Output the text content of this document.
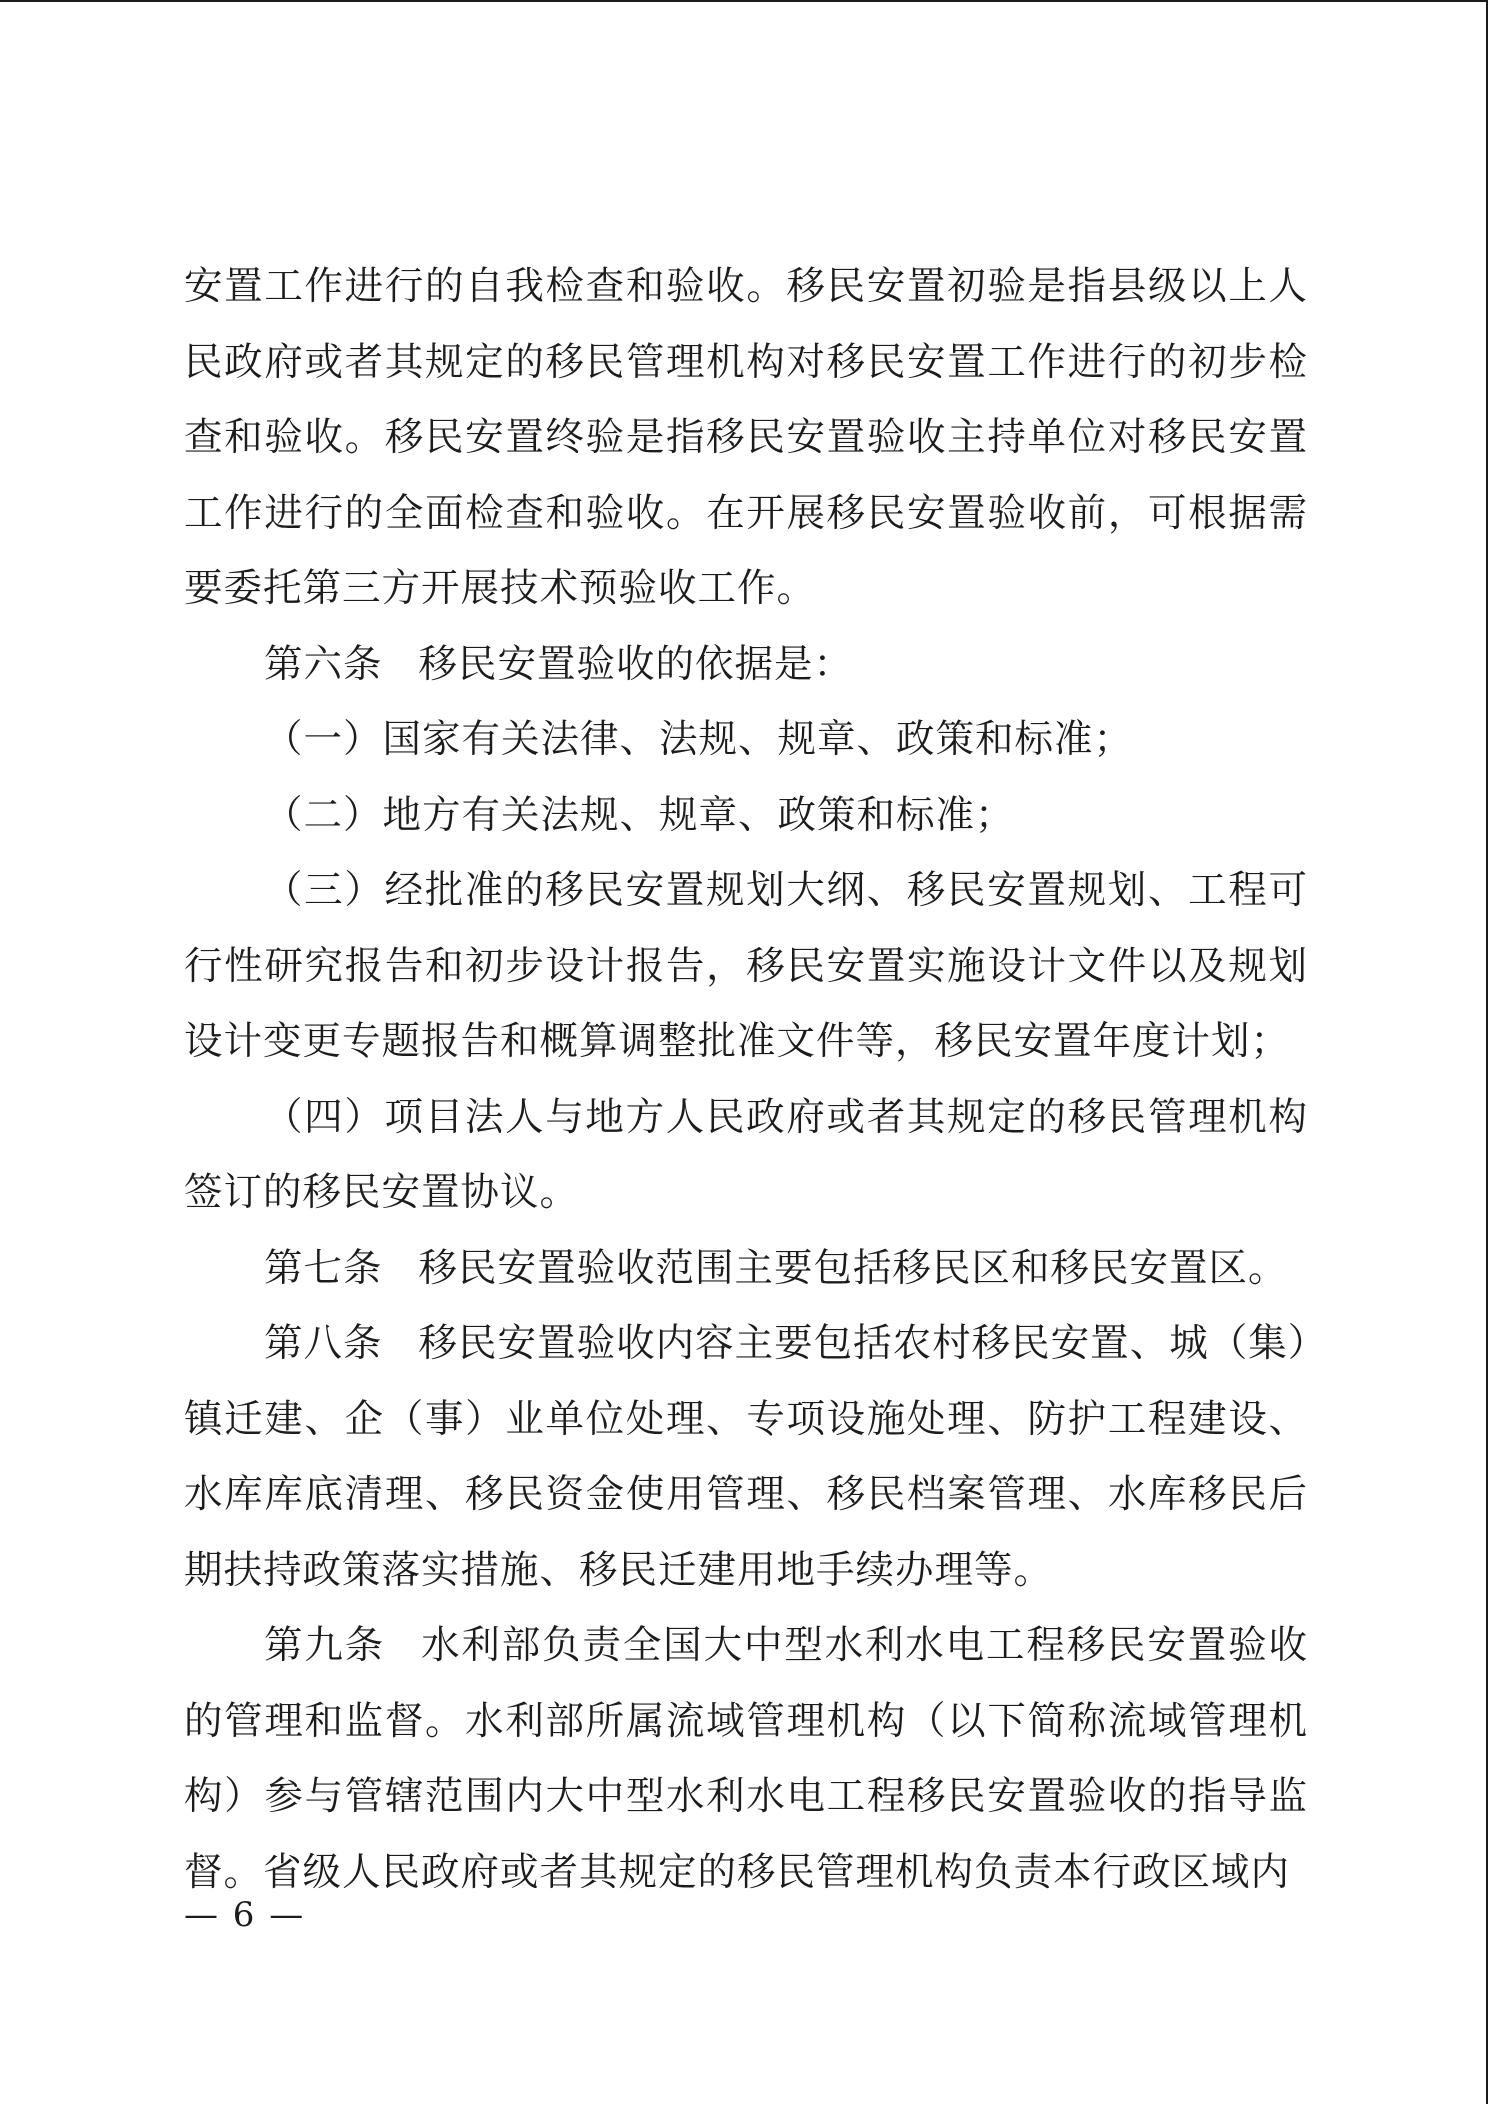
安置工作进行的自我检查和验收。移民安置初验是指县级以上人民政府或者其规定的移民管理机构对移民安置工作进行的初步检查和验收。移民安置终验是指移民安置验收主持单位对移民安置工作进行的全面检查和验收。在开展移民安置验收前，可根据需要委托第三方开展技术预验收工作。

第六条 移民安置验收的依据是：

（一）国家有关法律、法规、规章、政策和标准；

（二）地方有关法规、规章、政策和标准；

（三）经批准的移民安置规划大纲、移民安置规划、工程可行性研究报告和初步设计报告，移民安置实施设计文件以及规划设计变更专题报告和概算调整批准文件等，移民安置年度计划；

（四）项目法人与地方人民政府或者其规定的移民管理机构签订的移民安置协议。

第七条 移民安置验收范围主要包括移民区和移民安置区。

第八条 移民安置验收内容主要包括农村移民安置、城（集）镇迁建、企（事）业单位处理、专项设施处理、防护工程建设、水库库底清理、移民资金使用管理、移民档案管理、水库移民后期扶持政策落实措施、移民迁建用地手续办理等。

第九条 水利部负责全国大中型水利水电工程移民安置验收的管理和监督。水利部所属流域管理机构（以下简称流域管理机构）参与管辖范围内大中型水利水电工程移民安置验收的指导监督。省级人民政府或者其规定的移民管理机构负责本行政区域内

— 6 —
